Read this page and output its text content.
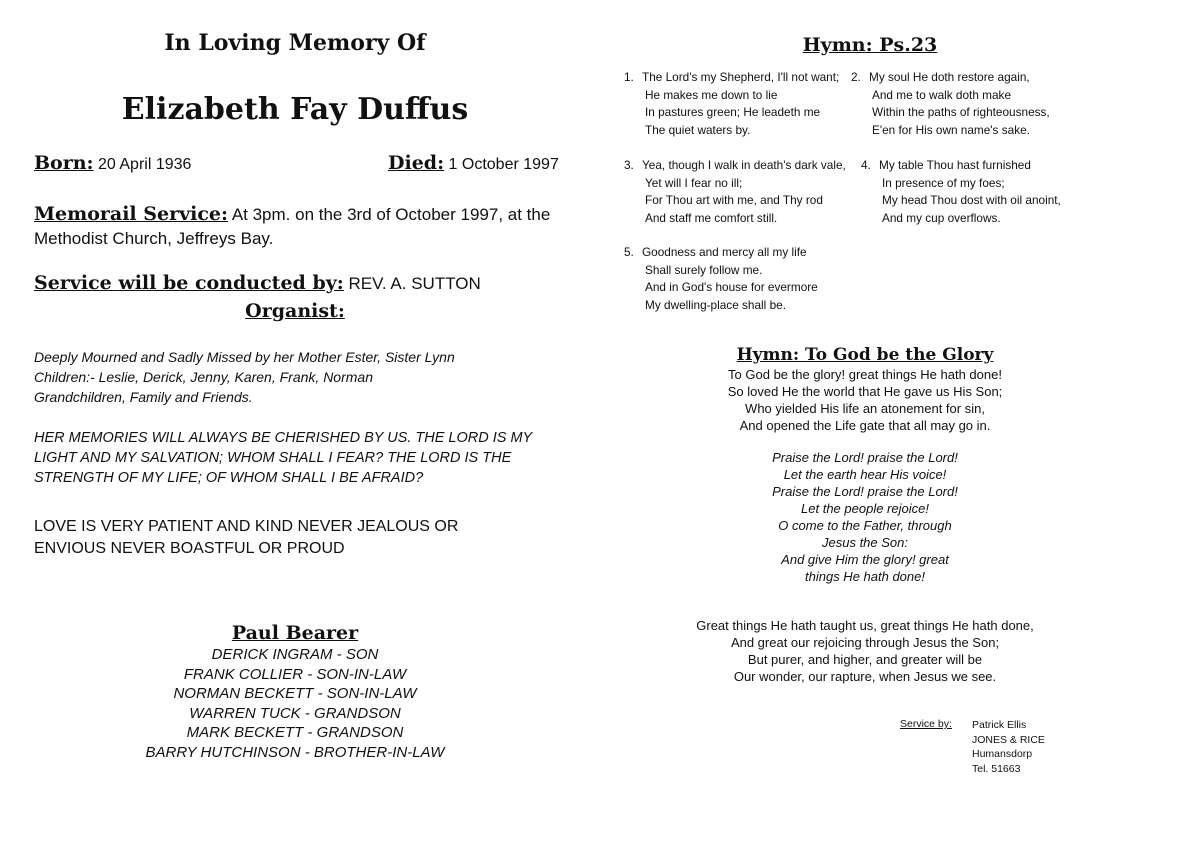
In Loving Memory Of
Elizabeth Fay Duffus
Born: 20 April 1936	Died: 1 October 1997
Memorail Service: At 3pm. on the 3rd of October 1997, at the Methodist Church, Jeffreys Bay.
Service will be conducted by: REV. A. SUTTON
Organist:
Deeply Mourned and Sadly Missed by her Mother Ester, Sister Lynn
Children:- Leslie, Derick, Jenny, Karen, Frank, Norman
Grandchildren, Family and Friends.
HER MEMORIES WILL ALWAYS BE CHERISHED BY US. THE LORD IS MY
LIGHT AND MY SALVATION; WHOM SHALL I FEAR? THE LORD IS THE
STRENGTH OF MY LIFE; OF WHOM SHALL I BE AFRAID?
LOVE IS VERY PATIENT AND KIND NEVER JEALOUS OR
ENVIOUS NEVER BOASTFUL OR PROUD
Paul Bearer
DERICK INGRAM - SON
FRANK COLLIER - SON-IN-LAW
NORMAN BECKETT - SON-IN-LAW
WARREN TUCK - GRANDSON
MARK BECKETT - GRANDSON
BARRY HUTCHINSON - BROTHER-IN-LAW
Hymn: Ps.23
1. The Lord's my Shepherd, I'll not want;
He makes me down to lie
In pastures green; He leadeth me
The quiet waters by.
2. My soul He doth restore again,
And me to walk doth make
Within the paths of righteousness,
E'en for His own name's sake.
3. Yea, though I walk in death's dark vale,
Yet will I fear no ill;
For Thou art with me, and Thy rod
And staff me comfort still.
4. My table Thou hast furnished
In presence of my foes;
My head Thou dost with oil anoint,
And my cup overflows.
5. Goodness and mercy all my life
Shall surely follow me.
And in God's house for evermore
My dwelling-place shall be.
Hymn: To God be the Glory
To God be the glory! great things He hath done!
So loved He the world that He gave us His Son;
Who yielded His life an atonement for sin,
And opened the Life gate that all may go in.
Praise the Lord! praise the Lord!
Let the earth hear His voice!
Praise the Lord! praise the Lord!
Let the people rejoice!
O come to the Father, through
Jesus the Son:
And give Him the glory! great
things He hath done!
Great things He hath taught us, great things He hath done,
And great our rejoicing through Jesus the Son;
But purer, and higher, and greater will be
Our wonder, our rapture, when Jesus we see.
Service by: Patrick Ellis
JONES & RICE
Humansdorp
Tel. 51663
